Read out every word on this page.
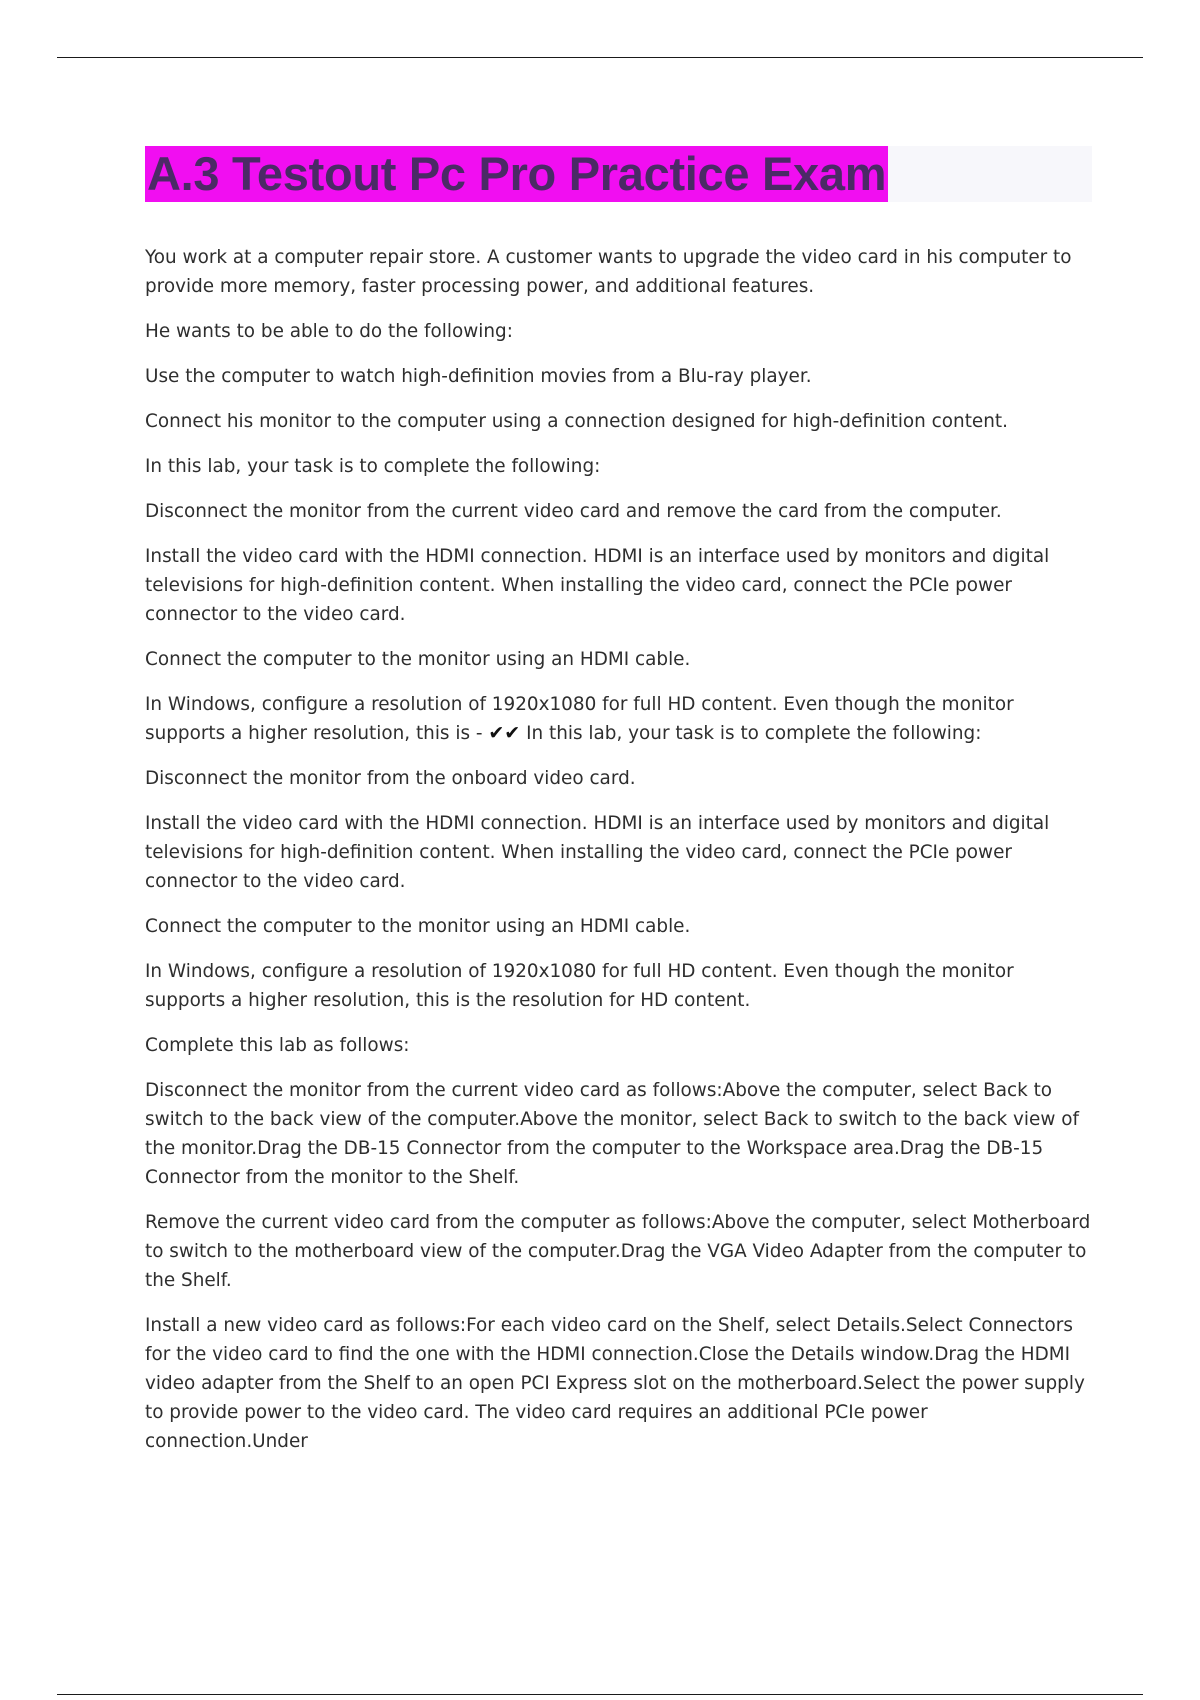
A.3 Testout Pc Pro Practice Exam

You work at a computer repair store. A customer wants to upgrade the video card in his computer to provide more memory, faster processing power, and additional features.

He wants to be able to do the following:

Use the computer to watch high-definition movies from a Blu-ray player.

Connect his monitor to the computer using a connection designed for high-definition content.

In this lab, your task is to complete the following:

Disconnect the monitor from the current video card and remove the card from the computer.

Install the video card with the HDMI connection. HDMI is an interface used by monitors and digital televisions for high-definition content. When installing the video card, connect the PCIe power connector to the video card.

Connect the computer to the monitor using an HDMI cable.

In Windows, configure a resolution of 1920x1080 for full HD content. Even though the monitor supports a higher resolution, this is - ✔✔ In this lab, your task is to complete the following:

Disconnect the monitor from the onboard video card.

Install the video card with the HDMI connection. HDMI is an interface used by monitors and digital televisions for high-definition content. When installing the video card, connect the PCIe power connector to the video card.

Connect the computer to the monitor using an HDMI cable.

In Windows, configure a resolution of 1920x1080 for full HD content. Even though the monitor supports a higher resolution, this is the resolution for HD content.

Complete this lab as follows:

Disconnect the monitor from the current video card as follows:Above the computer, select Back to switch to the back view of the computer.Above the monitor, select Back to switch to the back view of the monitor.Drag the DB-15 Connector from the computer to the Workspace area.Drag the DB-15 Connector from the monitor to the Shelf.

Remove the current video card from the computer as follows:Above the computer, select Motherboard to switch to the motherboard view of the computer.Drag the VGA Video Adapter from the computer to the Shelf.

Install a new video card as follows:For each video card on the Shelf, select Details.Select Connectors for the video card to find the one with the HDMI connection.Close the Details window.Drag the HDMI video adapter from the Shelf to an open PCI Express slot on the motherboard.Select the power supply to provide power to the video card. The video card requires an additional PCIe power connection.Under
